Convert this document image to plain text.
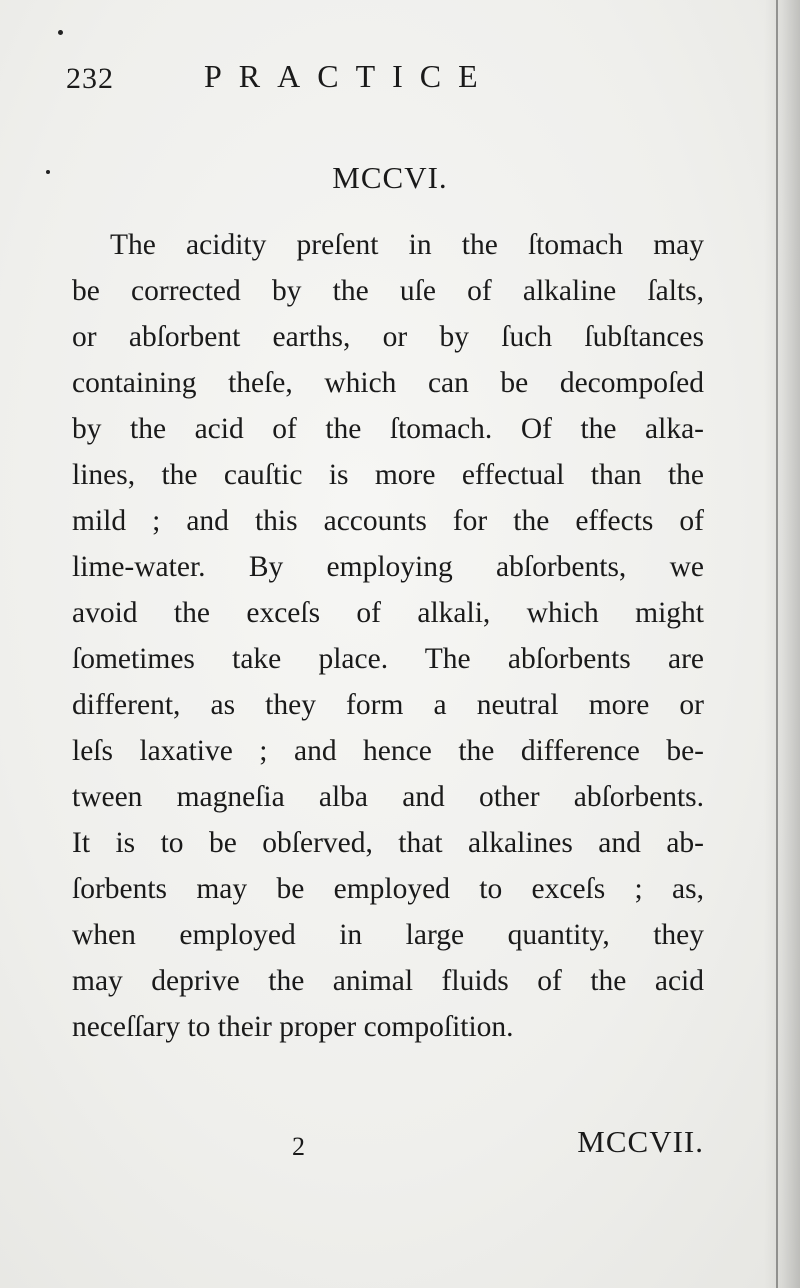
232	PRACTICE
MCCVI.
The acidity preſent in the ſtomach may
be corrected by the uſe of alkaline ſalts,
or abſorbent earths, or by ſuch ſubſtances
containing theſe, which can be decompoſed
by the acid of the ſtomach. Of the alka-
lines, the cauſtic is more effectual than the
mild ; and this accounts for the effects of
lime-water. By employing abſorbents, we
avoid the exceſs of alkali, which might
ſometimes take place. The abſorbents are
different, as they form a neutral more or
leſs laxative ; and hence the difference be-
tween magneſia alba and other abſorbents.
It is to be obſerved, that alkalines and ab-
ſorbents may be employed to exceſs ; as,
when employed in large quantity, they
may deprive the animal fluids of the acid
neceſſary to their proper compoſition.
2	MCCVII.
